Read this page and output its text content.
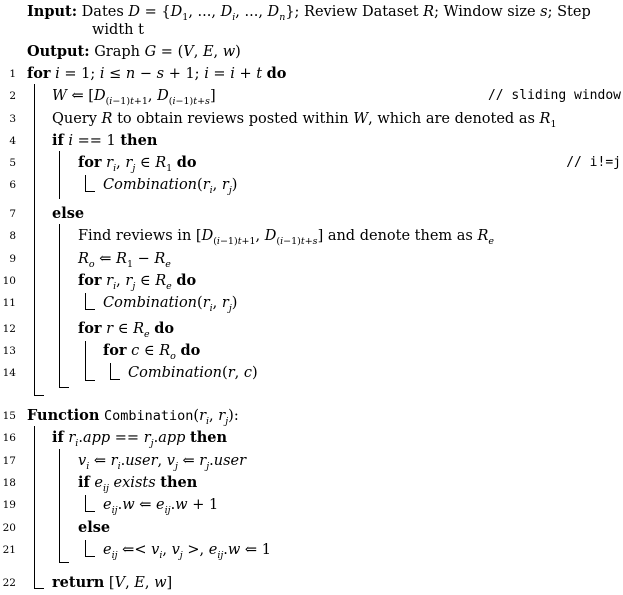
Input: Dates $D = \{D_1$, ..., $D_i$, ..., $D_n$}; Review Dataset R; Window size s; Step
width t
Output: Graph G = (V, E, w)
1 for i = 1; i ≤ n − s + 1; i = i + t do
2 W ⇐ [$D_{(i-1)t+1}$, $D_{(i-1)t+s}$]	// sliding window
3 Query R to obtain reviews posted within W, which are denoted as $R_1$
4 if i == 1 then
5	for $r_i$, $r_j$ ∈ $R_1$ do	// i!=j
6	$Combination(r_i$, $r_j$)
7 else
8	Find reviews in [$D_{(i-1)t+1}$, $D_{(i-1)t+s}$] and denote them as $R_e$
9	$R_o$ ⇐ $R_1 - R_e$
10	for $r_i$, $r_j$ ∈ $R_e$ do
11	$Combination(r_i$, $r_j$)
12	for r ∈ $R_e$ do
13	for c ∈ $R_o$ do
14	Combination(r, c)
15 Function $Combination(r_i$, $r_j$):
16 if $r_i.app == r_j.app$ then
17	$v_i$ ⇐ $r_i.user$, $v_j$ ⇐ $r_j.user$
18	if $e_{ij}$ exists then
19	$e_{ij}.w$ ⇐ $e_{ij}.w + 1$
20	else
21	$e_{ij}$ ⇐< $v_i$, $v_j$ >, $e_{ij}.w$ ⇐ 1
22 return [V, E, w]
